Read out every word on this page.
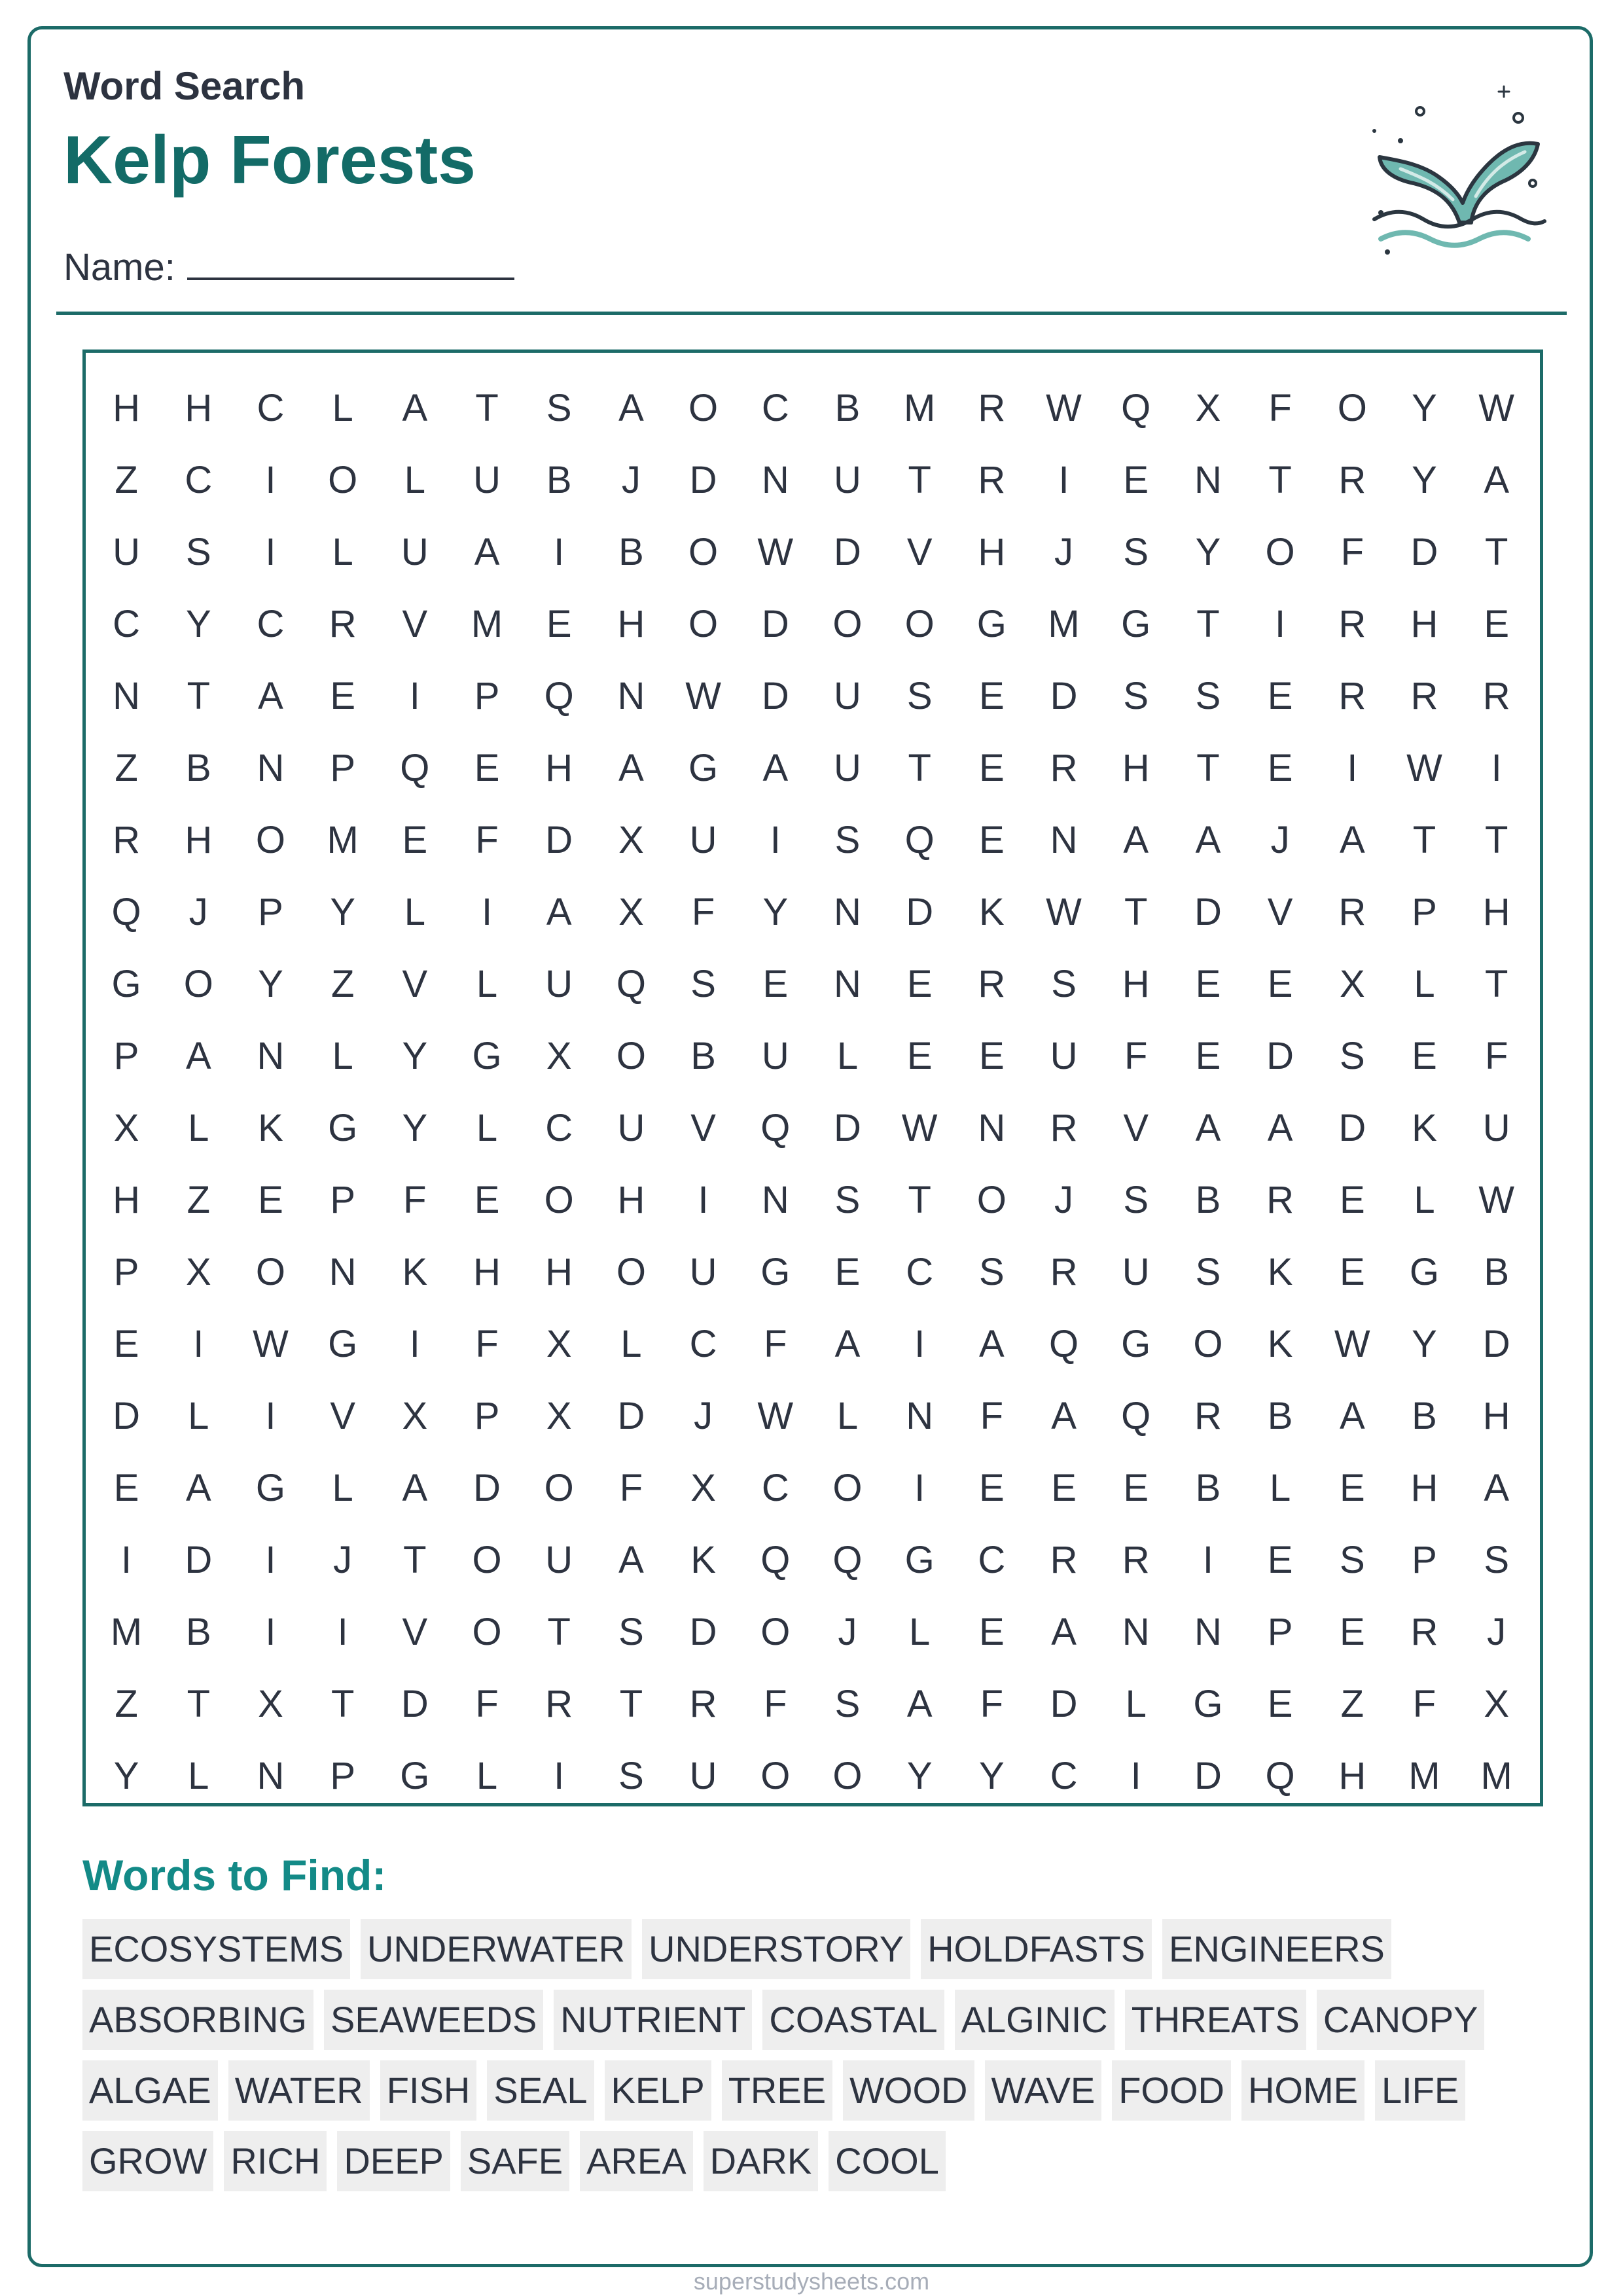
Word Search
Kelp Forests
Name:
H	H	C	L	A	T	S	A	O	C	B	M	R	W	Q	X	F	O	Y	W
Z	C	I	O	L	U	B	J	D	N	U	T	R	I	E	N	T	R	Y	A
U	S	I	L	U	A	I	B	O	W	D	V	H	J	S	Y	O	F	D	T
C	Y	C	R	V	M	E	H	O	D	O	O	G	M	G	T	I	R	H	E
N	T	A	E	I	P	Q	N	W	D	U	S	E	D	S	S	E	R	R	R
Z	B	N	P	Q	E	H	A	G	A	U	T	E	R	H	T	E	I	W	I
R	H	O	M	E	F	D	X	U	I	S	Q	E	N	A	A	J	A	T	T
Q	J	P	Y	L	I	A	X	F	Y	N	D	K	W	T	D	V	R	P	H
G	O	Y	Z	V	L	U	Q	S	E	N	E	R	S	H	E	E	X	L	T
P	A	N	L	Y	G	X	O	B	U	L	E	E	U	F	E	D	S	E	F
X	L	K	G	Y	L	C	U	V	Q	D	W	N	R	V	A	A	D	K	U
H	Z	E	P	F	E	O	H	I	N	S	T	O	J	S	B	R	E	L	W
P	X	O	N	K	H	H	O	U	G	E	C	S	R	U	S	K	E	G	B
E	I	W	G	I	F	X	L	C	F	A	I	A	Q	G	O	K	W	Y	D
D	L	I	V	X	P	X	D	J	W	L	N	F	A	Q	R	B	A	B	H
E	A	G	L	A	D	O	F	X	C	O	I	E	E	E	B	L	E	H	A
I	D	I	J	T	O	U	A	K	Q	Q	G	C	R	R	I	E	S	P	S
M	B	I	I	V	O	T	S	D	O	J	L	E	A	N	N	P	E	R	J
Z	T	X	T	D	F	R	T	R	F	S	A	F	D	L	G	E	Z	F	X
Y	L	N	P	G	L	I	S	U	O	O	Y	Y	C	I	D	Q	H	M	M
Words to Find:
ECOSYSTEMS UNDERWATER UNDERSTORY HOLDFASTS ENGINEERS
ABSORBING SEAWEEDS NUTRIENT COASTAL ALGINIC THREATS CANOPY
ALGAE WATER FISH SEAL KELP TREE WOOD WAVE FOOD HOME LIFE
GROW RICH DEEP SAFE AREA DARK COOL
superstudysheets.com
